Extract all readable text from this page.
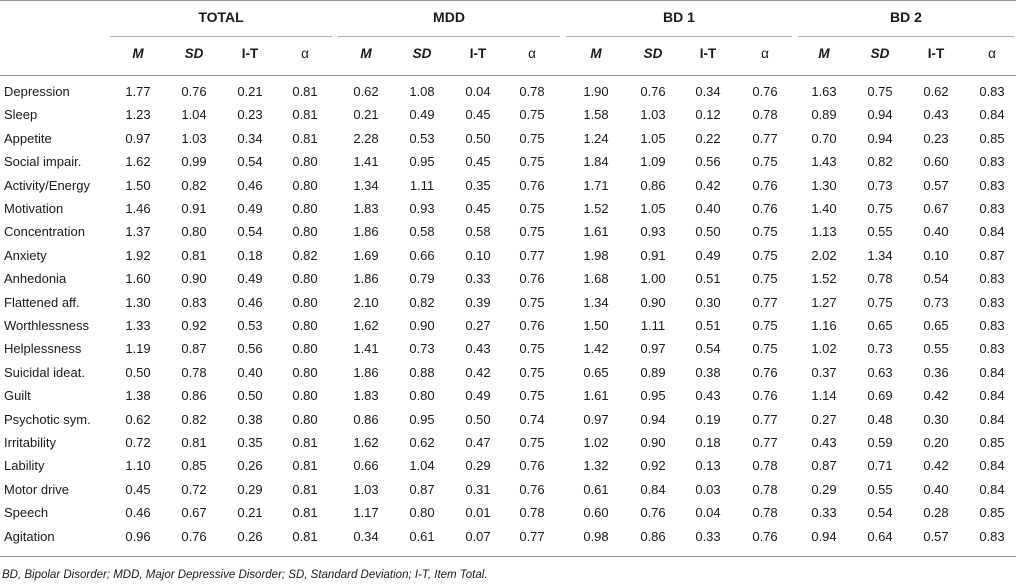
TOTAL
M	SD	I-T	α
MDD
M	SD	I-T	α
BD 1
M	SD	I-T	α
BD 2
M	SD	I-T	α
Depression	1.77	0.76	0.21	0.81	0.62	1.08	0.04	0.78	1.90	0.76	0.34	0.76	1.63	0.75	0.62	0.83
Sleep	1.23	1.04	0.23	0.81	0.21	0.49	0.45	0.75	1.58	1.03	0.12	0.78	0.89	0.94	0.43	0.84
Appetite	0.97	1.03	0.34	0.81	2.28	0.53	0.50	0.75	1.24	1.05	0.22	0.77	0.70	0.94	0.23	0.85
Social impair.	1.62	0.99	0.54	0.80	1.41	0.95	0.45	0.75	1.84	1.09	0.56	0.75	1.43	0.82	0.60	0.83
Activity/Energy	1.50	0.82	0.46	0.80	1.34	1.11	0.35	0.76	1.71	0.86	0.42	0.76	1.30	0.73	0.57	0.83
Motivation	1.46	0.91	0.49	0.80	1.83	0.93	0.45	0.75	1.52	1.05	0.40	0.76	1.40	0.75	0.67	0.83
Concentration	1.37	0.80	0.54	0.80	1.86	0.58	0.58	0.75	1.61	0.93	0.50	0.75	1.13	0.55	0.40	0.84
Anxiety	1.92	0.81	0.18	0.82	1.69	0.66	0.10	0.77	1.98	0.91	0.49	0.75	2.02	1.34	0.10	0.87
Anhedonia	1.60	0.90	0.49	0.80	1.86	0.79	0.33	0.76	1.68	1.00	0.51	0.75	1.52	0.78	0.54	0.83
Flattened aff.	1.30	0.83	0.46	0.80	2.10	0.82	0.39	0.75	1.34	0.90	0.30	0.77	1.27	0.75	0.73	0.83
Worthlessness	1.33	0.92	0.53	0.80	1.62	0.90	0.27	0.76	1.50	1.11	0.51	0.75	1.16	0.65	0.65	0.83
Helplessness	1.19	0.87	0.56	0.80	1.41	0.73	0.43	0.75	1.42	0.97	0.54	0.75	1.02	0.73	0.55	0.83
Suicidal ideat.	0.50	0.78	0.40	0.80	1.86	0.88	0.42	0.75	0.65	0.89	0.38	0.76	0.37	0.63	0.36	0.84
Guilt	1.38	0.86	0.50	0.80	1.83	0.80	0.49	0.75	1.61	0.95	0.43	0.76	1.14	0.69	0.42	0.84
Psychotic sym.	0.62	0.82	0.38	0.80	0.86	0.95	0.50	0.74	0.97	0.94	0.19	0.77	0.27	0.48	0.30	0.84
Irritability	0.72	0.81	0.35	0.81	1.62	0.62	0.47	0.75	1.02	0.90	0.18	0.77	0.43	0.59	0.20	0.85
Lability	1.10	0.85	0.26	0.81	0.66	1.04	0.29	0.76	1.32	0.92	0.13	0.78	0.87	0.71	0.42	0.84
Motor drive	0.45	0.72	0.29	0.81	1.03	0.87	0.31	0.76	0.61	0.84	0.03	0.78	0.29	0.55	0.40	0.84
Speech	0.46	0.67	0.21	0.81	1.17	0.80	0.01	0.78	0.60	0.76	0.04	0.78	0.33	0.54	0.28	0.85
Agitation	0.96	0.76	0.26	0.81	0.34	0.61	0.07	0.77	0.98	0.86	0.33	0.76	0.94	0.64	0.57	0.83
BD, Bipolar Disorder; MDD, Major Depressive Disorder; SD, Standard Deviation; I-T, Item Total.
